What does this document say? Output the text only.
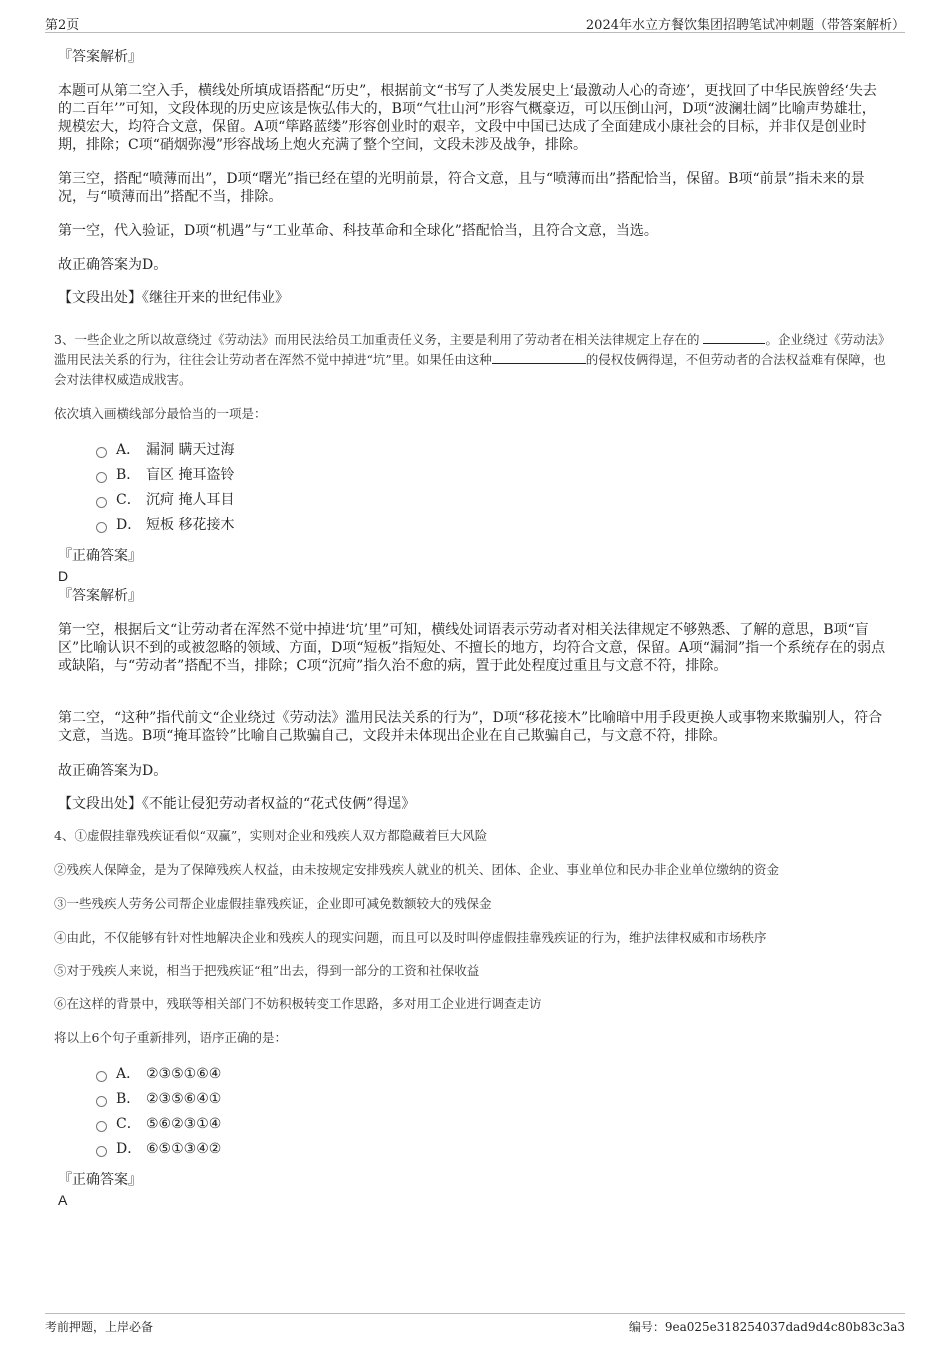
第2页	2024年水立方餐饮集团招聘笔试冲刺题（带答案解析）
『答案解析』

本题可从第二空入手，横线处所填成语搭配“历史”，根据前文“书写了人类发展史上‘最激动人心的奇迹’，更找回了中华民族曾经‘失去的二百年’”可知，文段体现的历史应该是恢弘伟大的，B项“气壮山河”形容气概豪迈，可以压倒山河，D项“波澜壮阔”比喻声势雄壮，规模宏大，均符合文意，保留。A项“筚路蓝缕”形容创业时的艰辛，文段中中国已达成了全面建成小康社会的目标，并非仅是创业时期，排除；C项“硝烟弥漫”形容战场上炮火充满了整个空间，文段未涉及战争，排除。

第三空，搭配“喷薄而出”，D项“曙光”指已经在望的光明前景，符合文意，且与“喷薄而出”搭配恰当，保留。B项“前景”指未来的景况，与“喷薄而出”搭配不当，排除。

第一空，代入验证，D项“机遇”与“工业革命、科技革命和全球化”搭配恰当，且符合文意，当选。

故正确答案为D。

【文段出处】《继往开来的世纪伟业》

3、一些企业之所以故意绕过《劳动法》而用民法给员工加重责任义务，主要是利用了劳动者在相关法律规定上存在的	。企业绕过《劳动法》滥用民法关系的行为，往往会让劳动者在浑然不觉中掉进“坑”里。如果任由这种	的侵权伎俩得逞，不但劳动者的合法权益难有保障，也会对法律权威造成戕害。
依次填入画横线部分最恰当的一项是：
A． 漏洞 瞒天过海
B． 盲区 掩耳盗铃
C． 沉疴 掩人耳目
D． 短板 移花接木
『正确答案』
D
『答案解析』

第一空，根据后文“让劳动者在浑然不觉中掉进‘坑’里”可知，横线处词语表示劳动者对相关法律规定不够熟悉、了解的意思，B项“盲区”比喻认识不到的或被忽略的领域、方面，D项“短板”指短处、不擅长的地方，均符合文意，保留。A项“漏洞”指一个系统存在的弱点或缺陷，与“劳动者”搭配不当，排除；C项“沉疴”指久治不愈的病，置于此处程度过重且与文意不符，排除。

第二空，“这种”指代前文“企业绕过《劳动法》滥用民法关系的行为”，D项“移花接木”比喻暗中用手段更换人或事物来欺骗别人，符合文意，当选。B项“掩耳盗铃”比喻自己欺骗自己，文段并未体现出企业在自己欺骗自己，与文意不符，排除。

故正确答案为D。

【文段出处】《不能让侵犯劳动者权益的“花式伎俩”得逞》

4、①虚假挂靠残疾证看似“双赢”，实则对企业和残疾人双方都隐藏着巨大风险
②残疾人保障金，是为了保障残疾人权益，由未按规定安排残疾人就业的机关、团体、企业、事业单位和民办非企业单位缴纳的资金
③一些残疾人劳务公司帮企业虚假挂靠残疾证，企业即可减免数额较大的残保金
④由此，不仅能够有针对性地解决企业和残疾人的现实问题，而且可以及时叫停虚假挂靠残疾证的行为，维护法律权威和市场秩序
⑤对于残疾人来说，相当于把残疾证“租”出去，得到一部分的工资和社保收益
⑥在这样的背景中，残联等相关部门不妨积极转变工作思路，多对用工企业进行调查走访
将以上6个句子重新排列，语序正确的是：
A． ②③⑤①⑥④
B． ②③⑤⑥④①
C． ⑤⑥②③①④
D． ⑥⑤①③④②
『正确答案』
A
考前押题，上岸必备	编号：9ea025e318254037dad9d4c80b83c3a3
